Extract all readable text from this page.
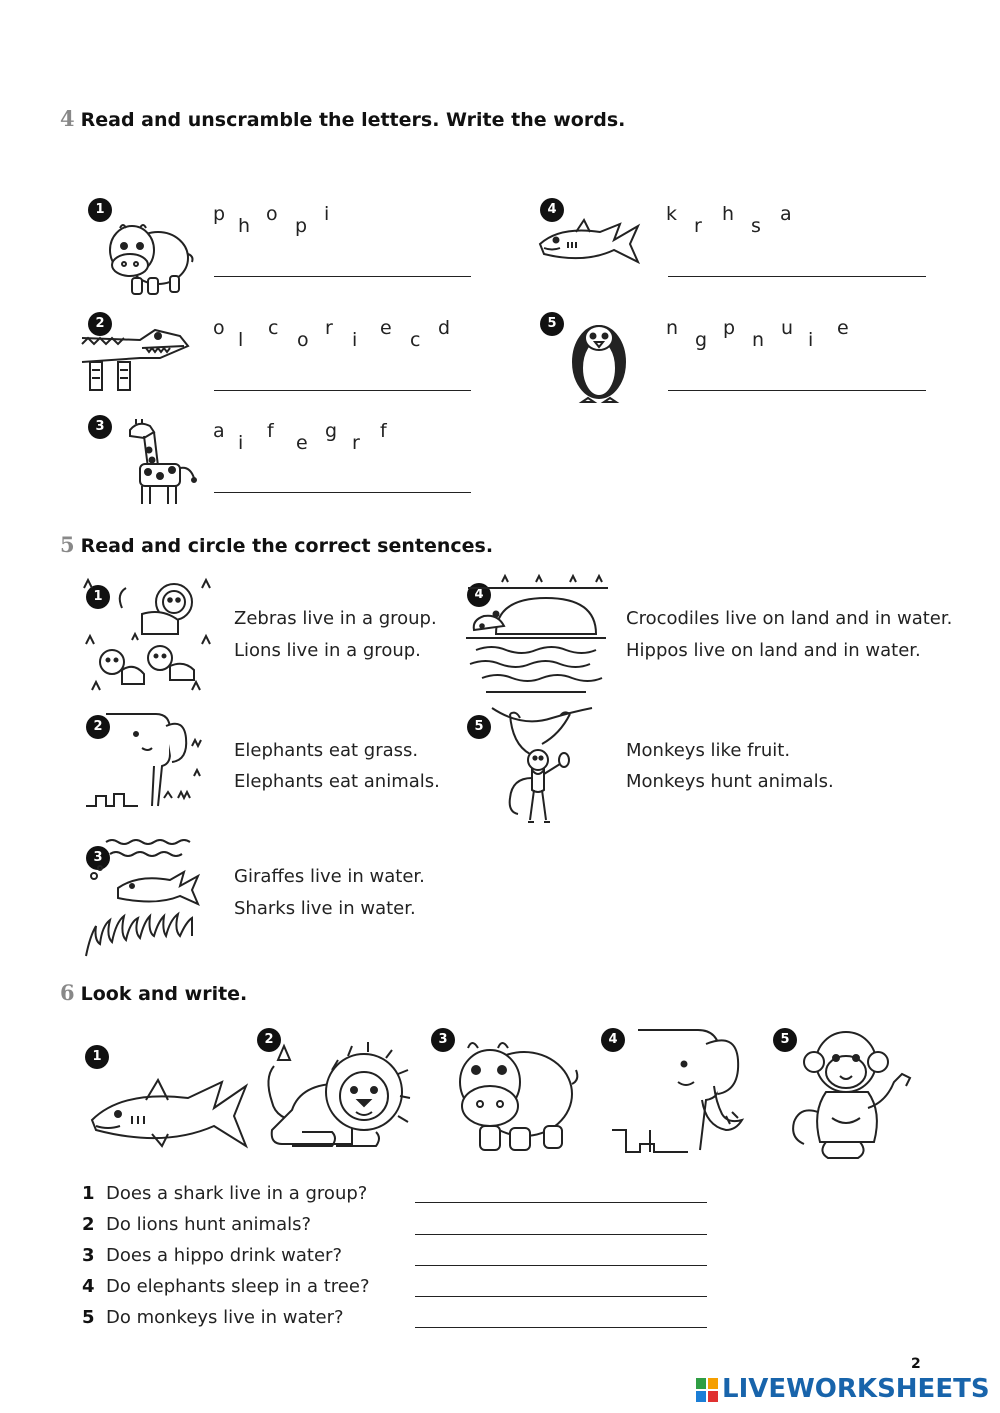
4 Read and unscramble the letters. Write the words.
1	p
h
o
p
i
2	o
l
c
o
r
i
e
c
d
3	a
i
f
e
g
r
f
4	k
r
h
s
a
5	n
g
p
n
u
i
e
5 Read and circle the correct sentences.
1
Zebras live in a group.
Lions live in a group.
2
Elephants eat grass.
Elephants eat animals.
3
Giraffes live in water.
Sharks live in water.
4
Crocodiles live on land and in water.
Hippos live on land and in water.
5
Monkeys like fruit.
Monkeys hunt animals.
6 Look and write.
1
2	3	4	5
1 Does a shark live in a group?
2 Do lions hunt animals?
3 Does a hippo drink water?
4 Do elephants sleep in a tree?
5 Do monkeys live in water?
2
LIVEWORKSHEETS
